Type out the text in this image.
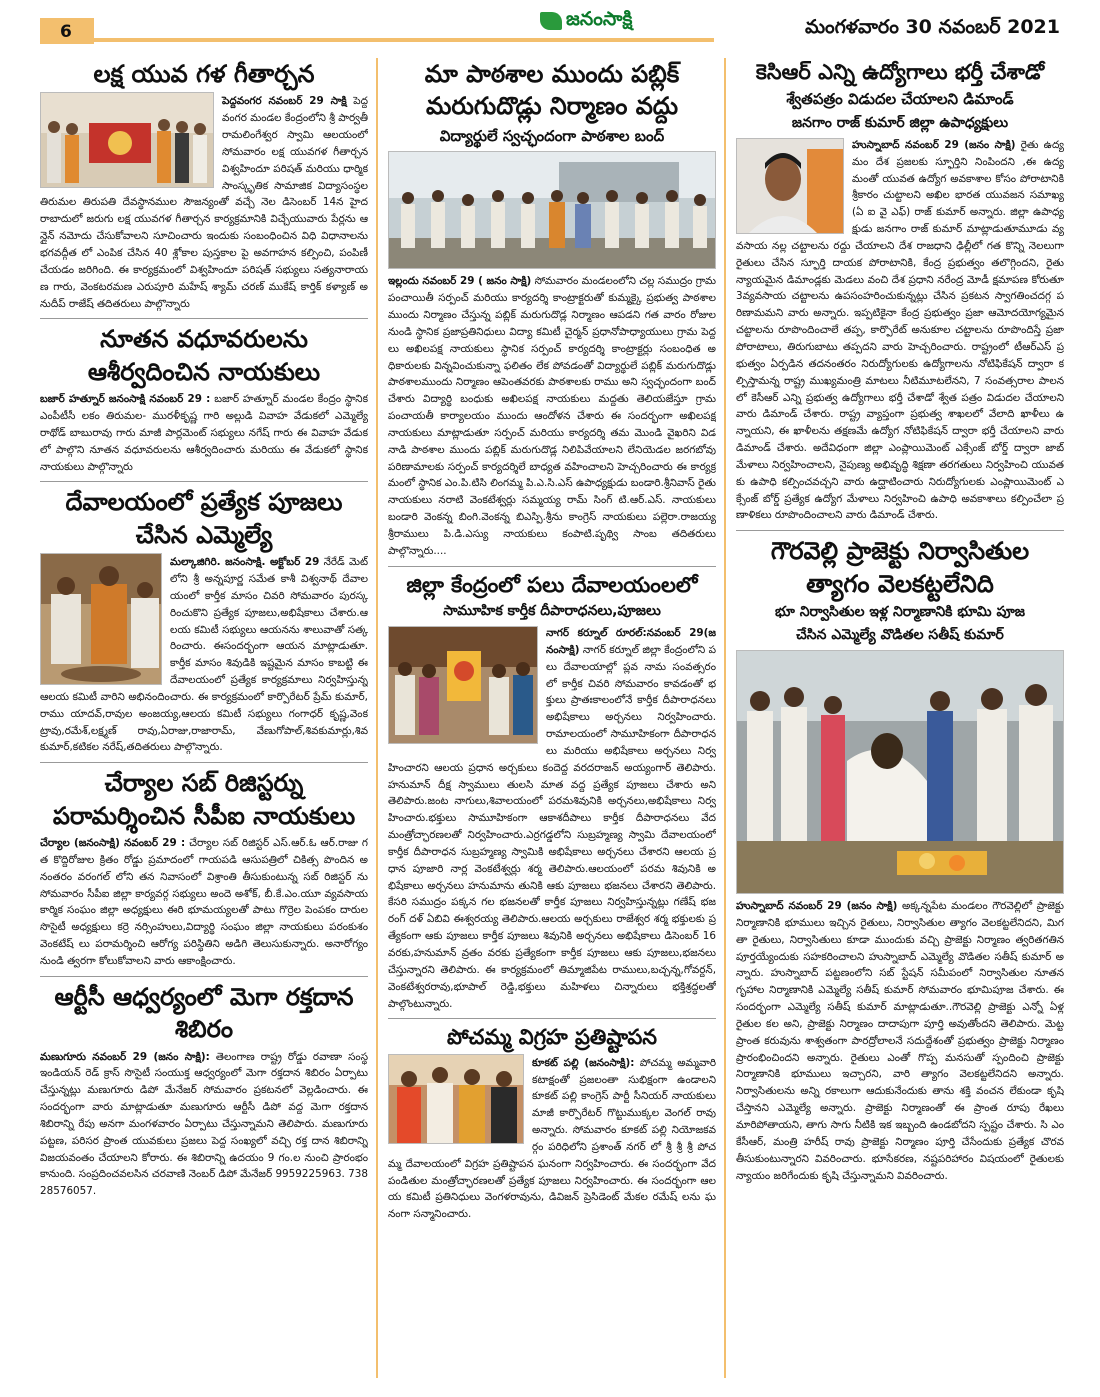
6
జనంసాక్షి	మంగళవారం 30 నవంబర్ 2021
లక్ష యువ గళ గీతార్చన

పెద్దవంగర నవంబర్ 29 సాక్షి పెద్దవంగర మండల కేంద్రంలోని శ్రీ పార్వతీ రామలింగేశ్వర స్వామి ఆలయంలో సోమవారం లక్ష యువగళ గీతార్చన విశ్వహిందూ పరిషత్ మరియు ధార్మిక సాంస్కృతిక సామాజిక విద్యాసంస్థల తిరుమల తిరుపతి దేవస్థానముల సౌజన్యంతో వచ్చే నెల డిసెంబర్ 14న హైదరాబాదులో జరుగు లక్ష యువగళ గీతార్చన కార్యక్రమానికి విచ్చేయువారు పేర్లను ఆన్లైన్ నమోదు చేసుకోవాలని సూచించారు ఇందుకు సంబంధించిన విధి విధానాలను భగవద్గీత లో ఎంపిక చేసిన 40 శ్లోకాల పుస్తకాల పై అవగాహన కల్పించి, పంపిణీ చేయడం జరిగింది. ఈ కార్యక్రమంలో విశ్వహిందూ పరిషత్ సభ్యులు సత్యనారాయణ గారు, వెంకటరమణ ఎరుపూరి మహేష్ శ్యామ్ చరణ్ ముకేష్ కార్తిక్ కళ్యాణ్ అనుదీప్ రాజేష్ తదితరులు పాల్గొన్నారు

నూతన వధూవరులను ఆశీర్వదించిన నాయకులు

బజార్ హత్నూర్ జనంసాక్షి నవంబర్ 29 : బజార్ హత్నూర్ మండల కేంద్రం స్థానిక ఎంపీటీసీ లకం తిరుమల- మురళీకృష్ణ గారి అల్లుడి వివాహ వేడుకలో ఎమ్మెల్యే రాథోడ్ బాబురావు గారు మాజీ పార్లమెంట్ సభ్యులు నగేష్ గారు ఈ వివాహ వేడుకలో పాల్గొని నూతన వధూవరులను ఆశీర్వదించారు మరియు ఈ వేడుకలో స్థానిక నాయకులు పాల్గొన్నారు

దేవాలయంలో ప్రత్యేక పూజలు చేసిన ఎమ్మెల్యే

మల్కాజిగిరి. జనంసాక్షి. అక్టోబర్ 29 నేరేడ్ మెట్ లోని శ్రీ అన్నపూర్ణ సమేత కాశీ విశ్వనాథ్ దేవాలయంలో కార్తీక మాసం చివరి సోమవారం పురస్కరించుకొని ప్రత్యేక పూజలు,అభిషేకాలు చేశారు.ఆలయ కమిటీ సభ్యులు ఆయనను శాలువాతో సత్కరించారు. ఈసందర్భంగా ఆయన మాట్లాడుతూ. కార్తీక మాసం శివుడికి ఇష్టమైన మాసం కాబట్టి ఈదేవాలయంలో ప్రత్యేక కార్యక్రమాలు నిర్వహిస్తున్న ఆలయ కమిటీ వారిని అభినందించారు. ఈ కార్యక్రమంలో కార్పొరేటర్ ప్రేమ్ కుమార్,రాము యాదవ్,రావుల అంజయ్య,ఆలయ కమిటీ సభ్యులు గంగాధర్ కృష్ణ,వెంకట్రావు,రమేశ్,లక్ష్మణ్ రావు,ఏరాజు,రాజారామ్, వేణుగోపాల్,శివకుమార్లు,శివ కుమార్,కటికల నరేష్,తదితరులు పాల్గొన్నారు.

చేర్యాల సబ్ రిజిస్టర్ను పరామర్శించిన సీపీఐ నాయకులు

చేర్యాల (జనంసాక్షి) నవంబర్ 29 : చేర్యాల సబ్ రిజిస్టర్ ఎస్.ఆర్.ఓ ఆర్.రాజు గత కొద్దిరోజుల క్రితం రోడ్డు ప్రమాదంలో గాయపడి ఆసుపత్రిలో చికిత్స పొందిన అనంతరం వరంగల్ లోని తన నివాసంలో విశ్రాంతి తీసుకుంటున్న సబ్ రిజిస్టర్ ను సోమవారం సీపీఐ జిల్లా కార్యవర్గ సభ్యులు అందె అశోక్, బీ.కే.ఎం.యూ వ్యవసాయ కార్మిక సంఘం జిల్లా అధ్యక్షులు ఈరి భూమయ్యలతో పాటు గొర్రెల పెంపకం దారుల సొసైటీ అధ్యక్షులు కర్రె నర్సింహులు,విద్యార్థి సంఘం జిల్లా నాయకులు పరంకుశం వెంకటేష్ లు పరామర్శించి ఆరోగ్య పరిస్థితిని అడిగి తెలుసుకున్నారు. అనారోగ్యం నుండి త్వరగా కోలుకోవాలని వారు ఆకాంక్షించారు.

ఆర్టీసీ ఆధ్వర్యంలో మెగా రక్తదాన శిబిరం

మణుగూరు నవంబర్ 29 (జనం సాక్షి): తెలంగాణ రాష్ట్ర రోడ్డు రవాణా సంస్థ ఇండియన్ రెడ్ క్రాస్ సొసైటీ సంయుక్త ఆధ్వర్యంలో మెగా రక్తదాన శిబిరం ఏర్పాటు చేస్తున్నట్లు మణుగూరు డిపో మేనేజర్ సోమవారం ప్రకటనలో వెల్లడించారు. ఈ సందర్భంగా వారు మాట్లాడుతూ మణుగూరు ఆర్టీసీ డిపో వద్ద మెగా రక్తదాన శిబిరాన్ని రేపు అనగా మంగళవారం ఏర్పాటు చేస్తున్నామని తెలిపారు. మణుగూరు పట్టణ, పరిసర ప్రాంత యువకులు ప్రజలు పెద్ద సంఖ్యలో వచ్చి రక్త దాన శిబిరాన్ని విజయవంతం చేయాలని కోరారు. ఈ శిబిరాన్ని ఉదయం 9 గం.ల నుంచి ప్రారంభం కానుంది. సంప్రదించవలసిన చరవాణి నెంబర్ డిపో మేనేజర్ 9959225963. 73828576057.

మా పాఠశాల ముందు పబ్లిక్ మరుగుదొడ్లు నిర్మాణం వద్దు
విద్యార్థులే స్వచ్ఛందంగా పాఠశాల బంద్

ఇల్లందు నవంబర్ 29 ( జనం సాక్షి) సోమవారం మండలంలోని చల్ల సముద్రం గ్రామపంచాయితీ సర్పంచ్ మరియు కార్యదర్శి కాంట్రాక్టరుతో కుమ్మక్కై ప్రభుత్వ పాఠశాల ముందు నిర్మాణం చేస్తున్న పబ్లిక్ మరుగుదొడ్ల నిర్మాణం ఆపడని గత వారం రోజుల నుండి స్థానిక ప్రజాప్రతినిధులు విద్యా కమిటీ చైర్మన్ ప్రధానోపాధ్యాయులు గ్రామ పెద్దలు అఖిలపక్ష నాయకులు స్థానిక సర్పంచ్ కార్యదర్శి కాంట్రాక్టర్లు సంబంధిత అధికారులకు విన్నవించుకున్నా ఫలితం లేక పోవడంతో విద్యార్థులే పబ్లిక్ మరుగుదొడ్లు పాఠశాలముందు నిర్మాణం ఆపెంతవరకు పాఠశాలకు రాము అని స్వచ్ఛందంగా బంద్ చేశారు విద్యార్థి బంధుకు అఖిలపక్ష నాయకులు మద్దతు తెలియజేస్తూ గ్రామ పంచాయతీ కార్యాలయం ముందు ఆందోళన చేశారు ఈ సందర్భంగా అఖిలపక్ష నాయకులు మాట్లాడుతూ సర్పంచ్ మరియు కార్యదర్శి తమ మొండి వైఖరిని విడనాడి పాఠశాల ముందు పబ్లిక్ మరుగుదొడ్ల నిలిపివేయాలని లేనియెడల జరగబోవు పరిణామాలకు సర్పంచ్ కార్యదర్శిలే బాధ్యత వహించాలని హెచ్చరించారు ఈ కార్యక్రమంలో స్థానిక ఎం.పి.టిసి లింగమ్మ పి.ఎ.సి.ఎస్ ఉపాధ్యక్షుడు బండారి.శ్రీనివాస్ రైతు నాయకులు నరాటి వెంకటేశ్వర్లు సమ్మయ్య రామ్ సింగ్ టి.ఆర్.ఎస్. నాయకులు బండారి వెంకన్న బింగి.వెంకన్న బిఎస్పి.శ్రీను కాంగ్రెస్ నాయకులు పల్లెరా.రాజయ్య శ్రీరాములు పి.డి.ఎస్యు నాయకులు కంపాటి.పృథ్వి సాంబ తదితరులు పాల్గొన్నారు....

జిల్లా కేంద్రంలో పలు దేవాలయంలలో
సామూహిక కార్తీక దీపారాధనలు,పూజలు

నాగర్ కర్నూల్ రూరల్:నవంబర్ 29(జనంసాక్షి) నాగర్ కర్నూల్ జిల్లా కేంద్రంలోని పలు దేవాలయాల్లో ప్లవ నామ సంవత్సరం లో కార్తీక చివరి సోమవారం కావడంతో భక్తులు ప్రాతఃకాలంలోనే కార్తీక దీపారాధనలు అభిషేకాలు అర్చనలు నిర్వహించారు.రామాలయంలో సామూహికంగా దీపారాధనలు మరియు అభిషేకాలు అర్చనలు నిర్వహించారని ఆలయ ప్రధాన అర్చకులు కందెద్ద వరదరాజన్ అయ్యంగార్ తెలిపారు. హనుమాన్ దీక్ష స్వాములు తులసి మాత వద్ద ప్రత్యేక పూజలు చేశారు అని తెలిపారు.జంట నాగులు,శివాలయంలో పరమశివునికి అర్చనలు,అభిషేకాలు నిర్వహించారు.భక్తులు సామూహికంగా ఆకాశదీపాలు కార్తీక దీపారాధనలు వేద మంత్రోచ్ఛారణలతో నిర్వహించారు.ఎర్రగడ్డలోని సుబ్రహ్మణ్య స్వామి దేవాలయంలో కార్తీక దీపారాధన సుబ్రహ్మణ్య స్వామికి అభిషేకాలు అర్చనలు చేశారని ఆలయ ప్రధాన పూజారి నార్ల వెంకటేశ్వర్లు శర్మ తెలిపారు.ఆలయంలో పరమ శివునికి అభిషేకాలు అర్చనలు హనుమాను తునికి ఆకు పూజలు భజనలు చేశారని తెలిపారు.కేసరి సముద్రం పక్కన గల భజనలతో కార్తీక పూజలు నిర్వహిస్తున్నట్లు గణేష్ భజరంగ్ దళ్ ఏబివి ఈశ్వరయ్య తెలిపారు.ఆలయ అర్చకులు రాజేశ్వర శర్మ భక్తులకు ప్రత్యేకంగా ఆకు పూజలు కార్తీక పూజలు శివునికి అర్చనలు అభిషేకాలు డిసెంబర్ 16 వరకు,హనుమాన్ వ్రతం వరకు ప్రత్యేకంగా కార్తీక పూజలు ఆకు పూజలు,భజనలు చేస్తున్నారని తెలిపారు. ఈ కార్యక్రమంలో తిమ్మాజిపేట రాములు,బచ్చన్న,గోవర్దన్,వెంకటేశ్వరరావు,భూపాల్ రెడ్డి,భక్తులు మహిళలు చిన్నారులు భక్తిశ్రద్ధలతో పాల్గొంటున్నారు.

పోచమ్మ విగ్రహ ప్రతిష్టాపన

కూకట్ పల్లి (జనంసాక్షి): పోచమ్మ అమ్మవారి కటాక్షంతో ప్రజలంతా సుభిక్షంగా ఉండాలని కూకట్ పల్లి కాంగ్రెస్ పార్టీ సీనియర్ నాయకులు మాజీ కార్పొరేటర్ గొట్టుముక్కల వెంగల్ రావు అన్నారు. సోమవారం కూకట్ పల్లి నియోజకవర్గం పరిధిలోని ప్రశాంత్ నగర్ లో శ్రీ శ్రీ శ్రీ పోచమ్మ దేవాలయంలో విగ్రహ ప్రతిష్టాపన ఘనంగా నిర్వహించారు. ఈ సందర్భంగా వేదపండితుల మంత్రోచ్ఛారణలతో ప్రత్యేక పూజలు నిర్వహించారు. ఈ సందర్భంగా ఆలయ కమిటీ ప్రతినిధులు వెంగళరావును, డివిజన్ ప్రెసిడెంట్ మేకల రమేష్ లను ఘనంగా సన్మానించారు.

కెసిఆర్ ఎన్ని ఉద్యోగాలు భర్తీ చేశాడో
శ్వేతపత్రం విడుదల చేయాలని డిమాండ్
జనగాం రాజ్ కుమార్ జిల్లా ఉపాధ్యక్షులు

హుస్నాబాద్ నవంబర్ 29 (జనం సాక్షి) రైతు ఉద్యమం దేశ ప్రజలకు స్ఫూర్తిని నింపిందని ,ఈ ఉద్యమంతో యువత ఉద్యోగ అవకాశాల కోసం పోరాటానికి శ్రీకారం చుట్టాలని అఖిల భారత యువజన సమాఖ్య (ఏ ఐ వై ఎఫ్) రాజ్ కుమార్ అన్నారు. జిల్లా ఉపాధ్యక్షుడు జనగాం రాజ్ కుమార్ మాట్లాడుతూమూడు వ్యవసాయ నల్ల చట్టాలను రద్దు చేయాలని దేశ రాజధాని ఢిల్లీలో గత కొన్ని నెలలుగా రైతులు చేసిన స్ఫూర్తి దాయక పోరాటానికి, కేంద్ర ప్రభుత్వం తలొగ్గిందని, రైతు న్యాయమైన డిమాండ్లకు మెడలు వంచి దేశ ప్రధాని నరేంద్ర మోడీ క్షమాపణ కోరుతూ 3వ్యవసాయ చట్టాలను ఉపసంహరించుకున్నట్లు చేసిన ప్రకటన స్వాగతించదగ్గ పరిణామమని వారు అన్నారు. ఇప్పటికైనా కేంద్ర ప్రభుత్వం ప్రజా ఆమోదయోగ్యమైన చట్టాలను రూపొందించాలే తప్ప, కార్పొరేట్ అనుకూల చట్టాలను రూపొందిస్తే ప్రజా పోరాటాలు, తిరుగుబాటు తప్పదని వారు హెచ్చరించారు. రాష్ట్రంలో టీఆర్ఎస్ ప్రభుత్వం ఏర్పడిన తదనంతరం నిరుద్యోగులకు ఉద్యోగాలను నోటిఫికేషన్ ద్వారా కల్పిస్తామన్న రాష్ట్ర ముఖ్యమంత్రి మాటలు నీటిమూటలేనని, 7 సంవత్సరాల పాలన లో కెసీఆర్ ఎన్ని ప్రభుత్వ ఉద్యోగాలు భర్తీ చేశాడో శ్వేత పత్రం విడుదల చేయాలని వారు డిమాండ్ చేశారు. రాష్ట్ర వ్యాప్తంగా ప్రభుత్వ శాఖలలో వేలాది ఖాళీలు ఉన్నాయని, ఈ ఖాళీలను తక్షణమే ఉద్యోగ నోటిఫికేషన్ ద్వారా భర్తీ చేయాలని వారు డిమాండ్ చేశారు. అదేవిధంగా జిల్లా ఎంప్లాయిమెంట్ ఎక్సేంజ్ బోర్డ్ ద్వారా జాబ్ మేళాలు నిర్వహించాలని, నైపుణ్య అభివృద్ధి శిక్షణా తరగతులు నిర్వహించి యువతకు ఉపాధి కల్పించవచ్చని వారు ఉద్ఘాటించారు నిరుద్యోగులకు ఎంప్లాయిమెంట్ ఎక్సేంజ్ బోర్డ్ ప్రత్యేక ఉద్యోగ మేళాలు నిర్వహించి ఉపాధి అవకాశాలు కల్పించేలా ప్రణాళికలు రూపొందించాలని వారు డిమాండ్ చేశారు.

గౌరవెల్లి ప్రాజెక్టు నిర్వాసితుల త్యాగం వెలకట్టలేనిది
భూ నిర్వాసితుల ఇళ్ల నిర్మాణానికి భూమి పూజ
చేసిన ఎమ్మెల్యే వొడితల సతీష్ కుమార్

హుస్నాబాద్ నవంబర్ 29 (జనం సాక్షి) అక్కన్నపేట మండలం గౌరవెల్లిలో ప్రాజెక్టు నిర్మాణానికి భూములు ఇచ్చిన రైతులు, నిర్వాసితుల త్యాగం వెలకట్టలేనిదని, మిగతా రైతులు, నిర్వాసితులు కూడా ముందుకు వచ్చి ప్రాజెక్టు నిర్మాణం త్వరితగతిన పూర్తయ్యేందుకు సహకరించాలని హుస్నాబాద్ ఎమ్మెల్యే వొడితల సతీష్ కుమార్ అన్నారు. హుస్నాబాద్ పట్టణంలోని సబ్ స్టేషన్ సమీపంలో నిర్వాసితుల నూతన గృహాల నిర్మాణానికి ఎమ్మెల్యే సతీష్ కుమార్ సోమవారం భూమిపూజ చేశారు. ఈ సందర్భంగా ఎమ్మెల్యే సతీష్ కుమార్ మాట్లాడుతూ..గౌరవెల్లి ప్రాజెక్టు ఎన్నో ఏళ్ల రైతుల కల అని, ప్రాజెక్టు నిర్మాణం దాదాపుగా పూర్తి అవుతోందని తెలిపారు. మెట్ట ప్రాంత కరువును శాశ్వతంగా పారద్రోలాలనే సదుద్దేశంతో ప్రభుత్వం ప్రాజెక్టు నిర్మాణం ప్రారంభించిందని అన్నారు. రైతులు ఎంతో గొప్ప మనసుతో స్పందించి ప్రాజెక్టు నిర్మాణానికి భూములు ఇచ్చారని, వారి త్యాగం వెలకట్టలేనిదని అన్నారు. నిర్వాసితులను అన్ని రకాలుగా ఆదుకునేందుకు తాను శక్తి వంచన లేకుండా కృషి చేస్తానని ఎమ్మెల్యే అన్నారు. ప్రాజెక్టు నిర్మాణంతో ఈ ప్రాంత రూపు రేఖలు మారిపోతాయని, తాగు సాగు నీటికి ఇక ఇబ్బంది ఉండబోదని స్పష్టం చేశారు. సి ఎం కేసీఆర్, మంత్రి హరీష్ రావు ప్రాజెక్టు నిర్మాణం పూర్తి చేసేందుకు ప్రత్యేక చొరవ తీసుకుంటున్నారని వివరించారు. భూసేకరణ, నష్టపరిహారం విషయంలో రైతులకు న్యాయం జరిగేందుకు కృషి చేస్తున్నామని వివరించారు.
